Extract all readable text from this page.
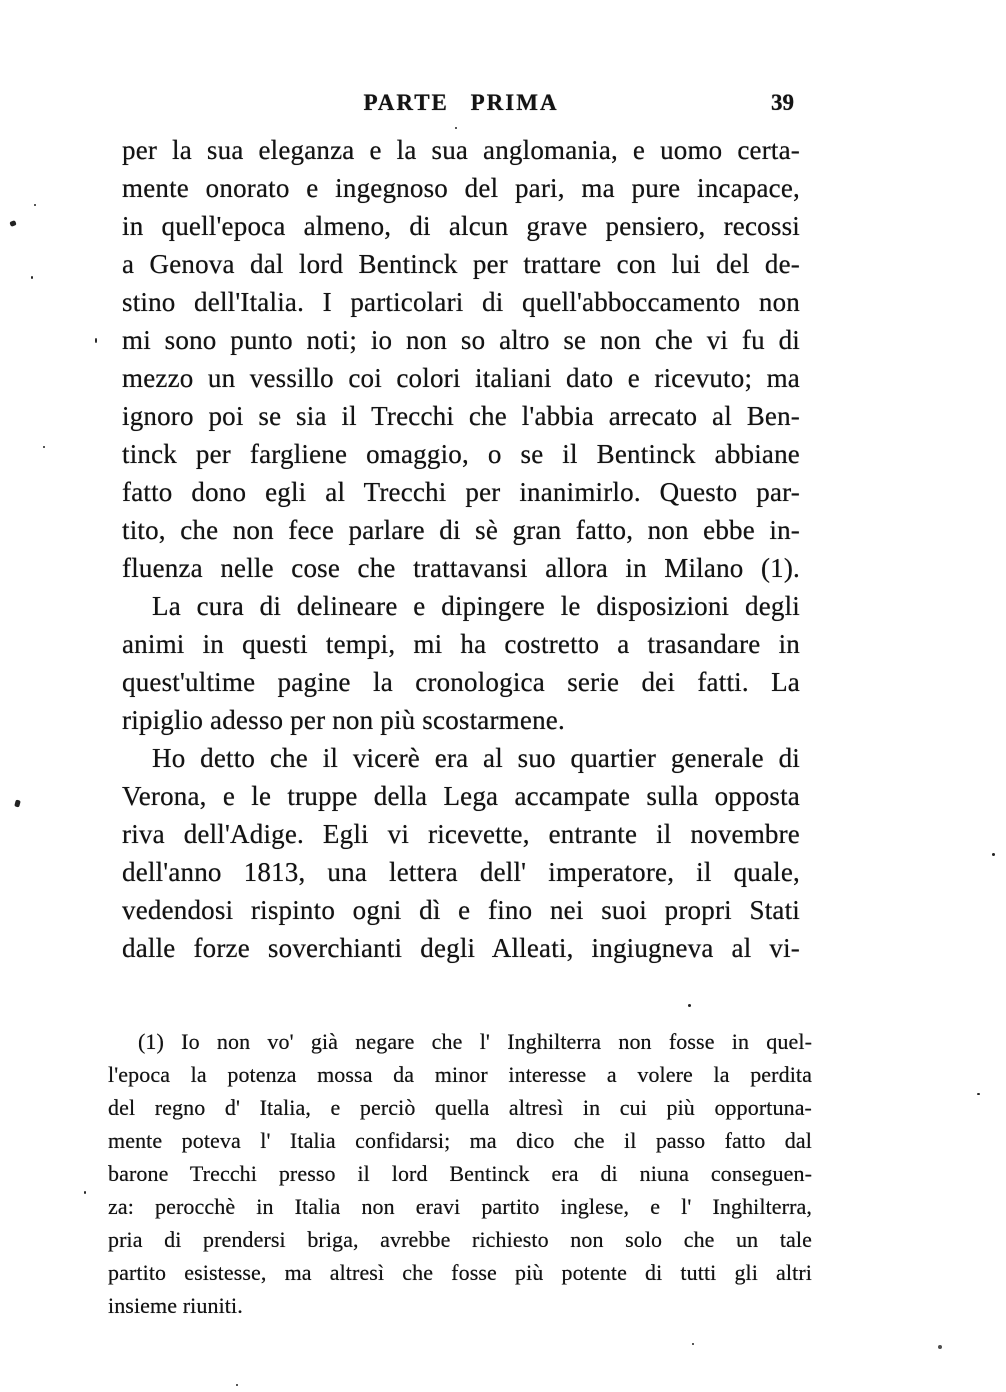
PARTE PRIMA	39
per la sua eleganza e la sua anglomania, e uomo certa-
mente onorato e ingegnoso del pari, ma pure incapace,
in quell'epoca almeno, di alcun grave pensiero, recossi
a Genova dal lord Bentinck per trattare con lui del de-
stino dell'Italia. I particolari di quell'abboccamento non
mi sono punto noti; io non so altro se non che vi fu di
mezzo un vessillo coi colori italiani dato e ricevuto; ma
ignoro poi se sia il Trecchi che l'abbia arrecato al Ben-
tinck per fargliene omaggio, o se il Bentinck abbiane
fatto dono egli al Trecchi per inanimirlo. Questo par-
tito, che non fece parlare di sè gran fatto, non ebbe in-
fluenza nelle cose che trattavansi allora in Milano (1).
La cura di delineare e dipingere le disposizioni degli
animi in questi tempi, mi ha costretto a trasandare in
quest'ultime pagine la cronologica serie dei fatti. La
ripiglio adesso per non più scostarmene.
Ho detto che il vicerè era al suo quartier generale di
Verona, e le truppe della Lega accampate sulla opposta
riva dell'Adige. Egli vi ricevette, entrante il novembre
dell'anno 1813, una lettera dell' imperatore, il quale,
vedendosi rispinto ogni dì e fino nei suoi propri Stati
dalle forze soverchianti degli Alleati, ingiugneva al vi-
(1) Io non vo' già negare che l' Inghilterra non fosse in quel-
l'epoca la potenza mossa da minor interesse a volere la perdita
del regno d' Italia, e perciò quella altresì in cui più opportuna-
mente poteva l' Italia confidarsi; ma dico che il passo fatto dal
barone Trecchi presso il lord Bentinck era di niuna conseguen-
za: perocchè in Italia non eravi partito inglese, e l' Inghilterra,
pria di prendersi briga, avrebbe richiesto non solo che un tale
partito esistesse, ma altresì che fosse più potente di tutti gli altri
insieme riuniti.
